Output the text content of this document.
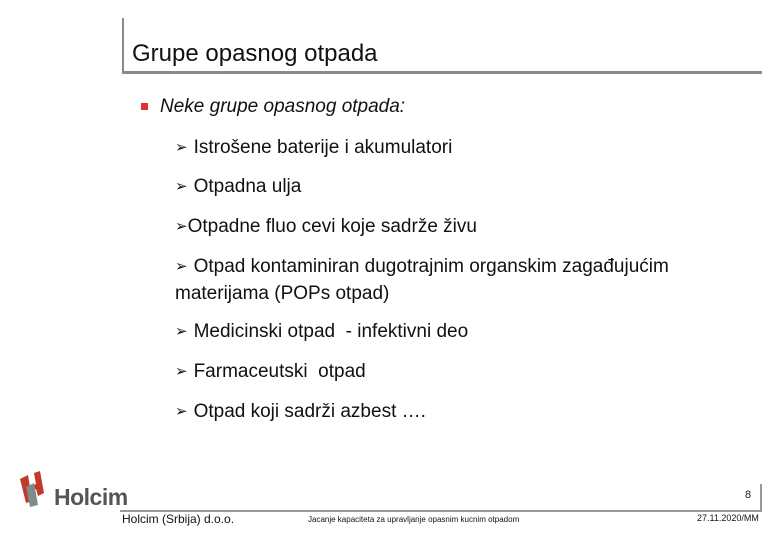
Grupe opasnog otpada
Neke grupe opasnog otpada:
➢ Istrošene baterije i akumulatori
➢ Otpadna ulja
➢Otpadne fluo cevi koje sadrže živu
➢ Otpad kontaminiran dugotrajnim organskim zagađujućim materijama (POPs otpad)
➢ Medicinski otpad  - infektivni deo
➢ Farmaceutski  otpad
➢ Otpad koji sadrži azbest ….
Holcim	8
Holcim (Srbija) d.o.o.	Jacanje kapaciteta za upravljanje opasnim kucnim otpadom	27.11.2020/MM
